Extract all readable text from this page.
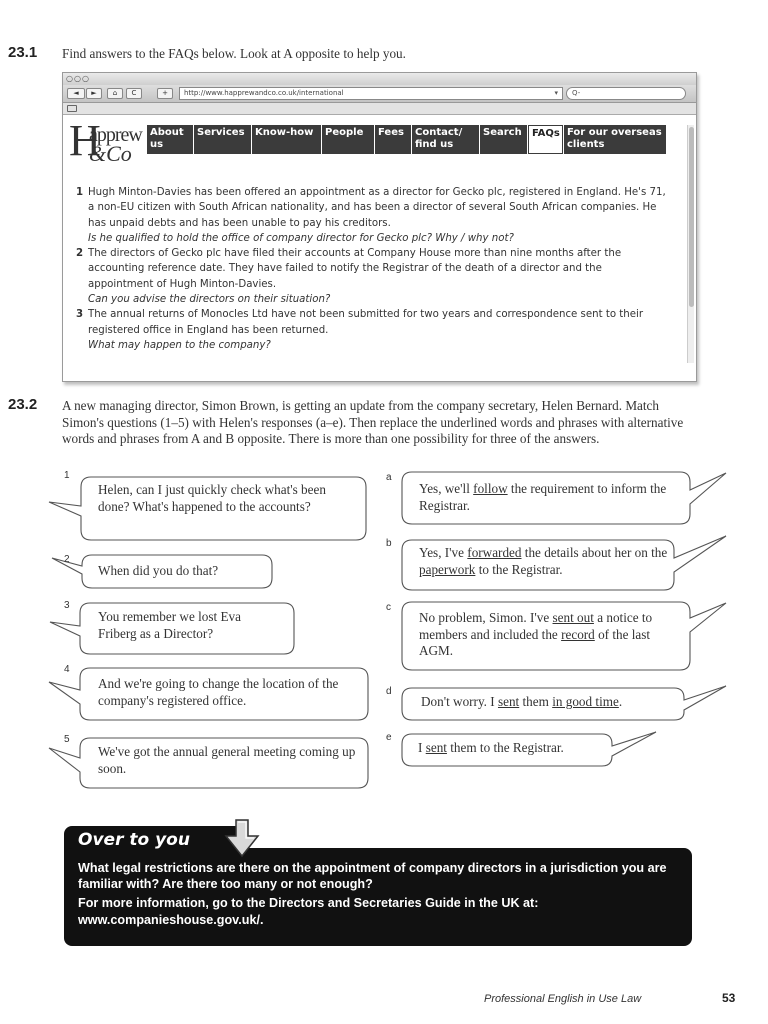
23.1 Find answers to the FAQs below. Look at A opposite to help you.
○○○
◄	►	⌂	C	+	http://www.happrewandco.co.uk/international	▾	Q-
H
apprew
&Co
About us
Services	Know-how	People	Fees	Contact/ find us
Search	FAQs For our overseas clients
1 Hugh Minton-Davies has been offered an appointment as a director for Gecko plc, registered in England. He's 71, a non-EU citizen with South African nationality, and has been a director of several South African companies. He has unpaid debts and has been unable to pay his creditors.
Is he qualified to hold the office of company director for Gecko plc? Why / why not?
2 The directors of Gecko plc have filed their accounts at Company House more than nine months after the accounting reference date. They have failed to notify the Registrar of the death of a director and the appointment of Hugh Minton-Davies.
Can you advise the directors on their situation?
3 The annual returns of Monocles Ltd have not been submitted for two years and correspondence sent to their registered office in England has been returned.
What may happen to the company?
23.2 A new managing director, Simon Brown, is getting an update from the company secretary, Helen Bernard. Match Simon's questions (1–5) with Helen's responses (a–e). Then replace the underlined words and phrases with alternative words and phrases from A and B opposite. There is more than one possibility for three of the answers.
1
Helen, can I just quickly check what's been done? What's happened to the accounts?
2
When did you do that?
3
You remember we lost Eva Friberg as a Director?
4
And we're going to change the location of the company's registered office.
5
We've got the annual general meeting coming up soon.
a
Yes, we'll follow the requirement to inform the Registrar.
b
Yes, I've forwarded the details about her on the paperwork to the Registrar.
c
No problem, Simon. I've sent out a notice to members and included the record of the last AGM.
d
Don't worry. I sent them in good time.
e
I sent them to the Registrar.
Over to you
What legal restrictions are there on the appointment of company directors in a jurisdiction you are familiar with? Are there too many or not enough?
For more information, go to the Directors and Secretaries Guide in the UK at: www.companieshouse.gov.uk/.
Professional English in Use Law	53
